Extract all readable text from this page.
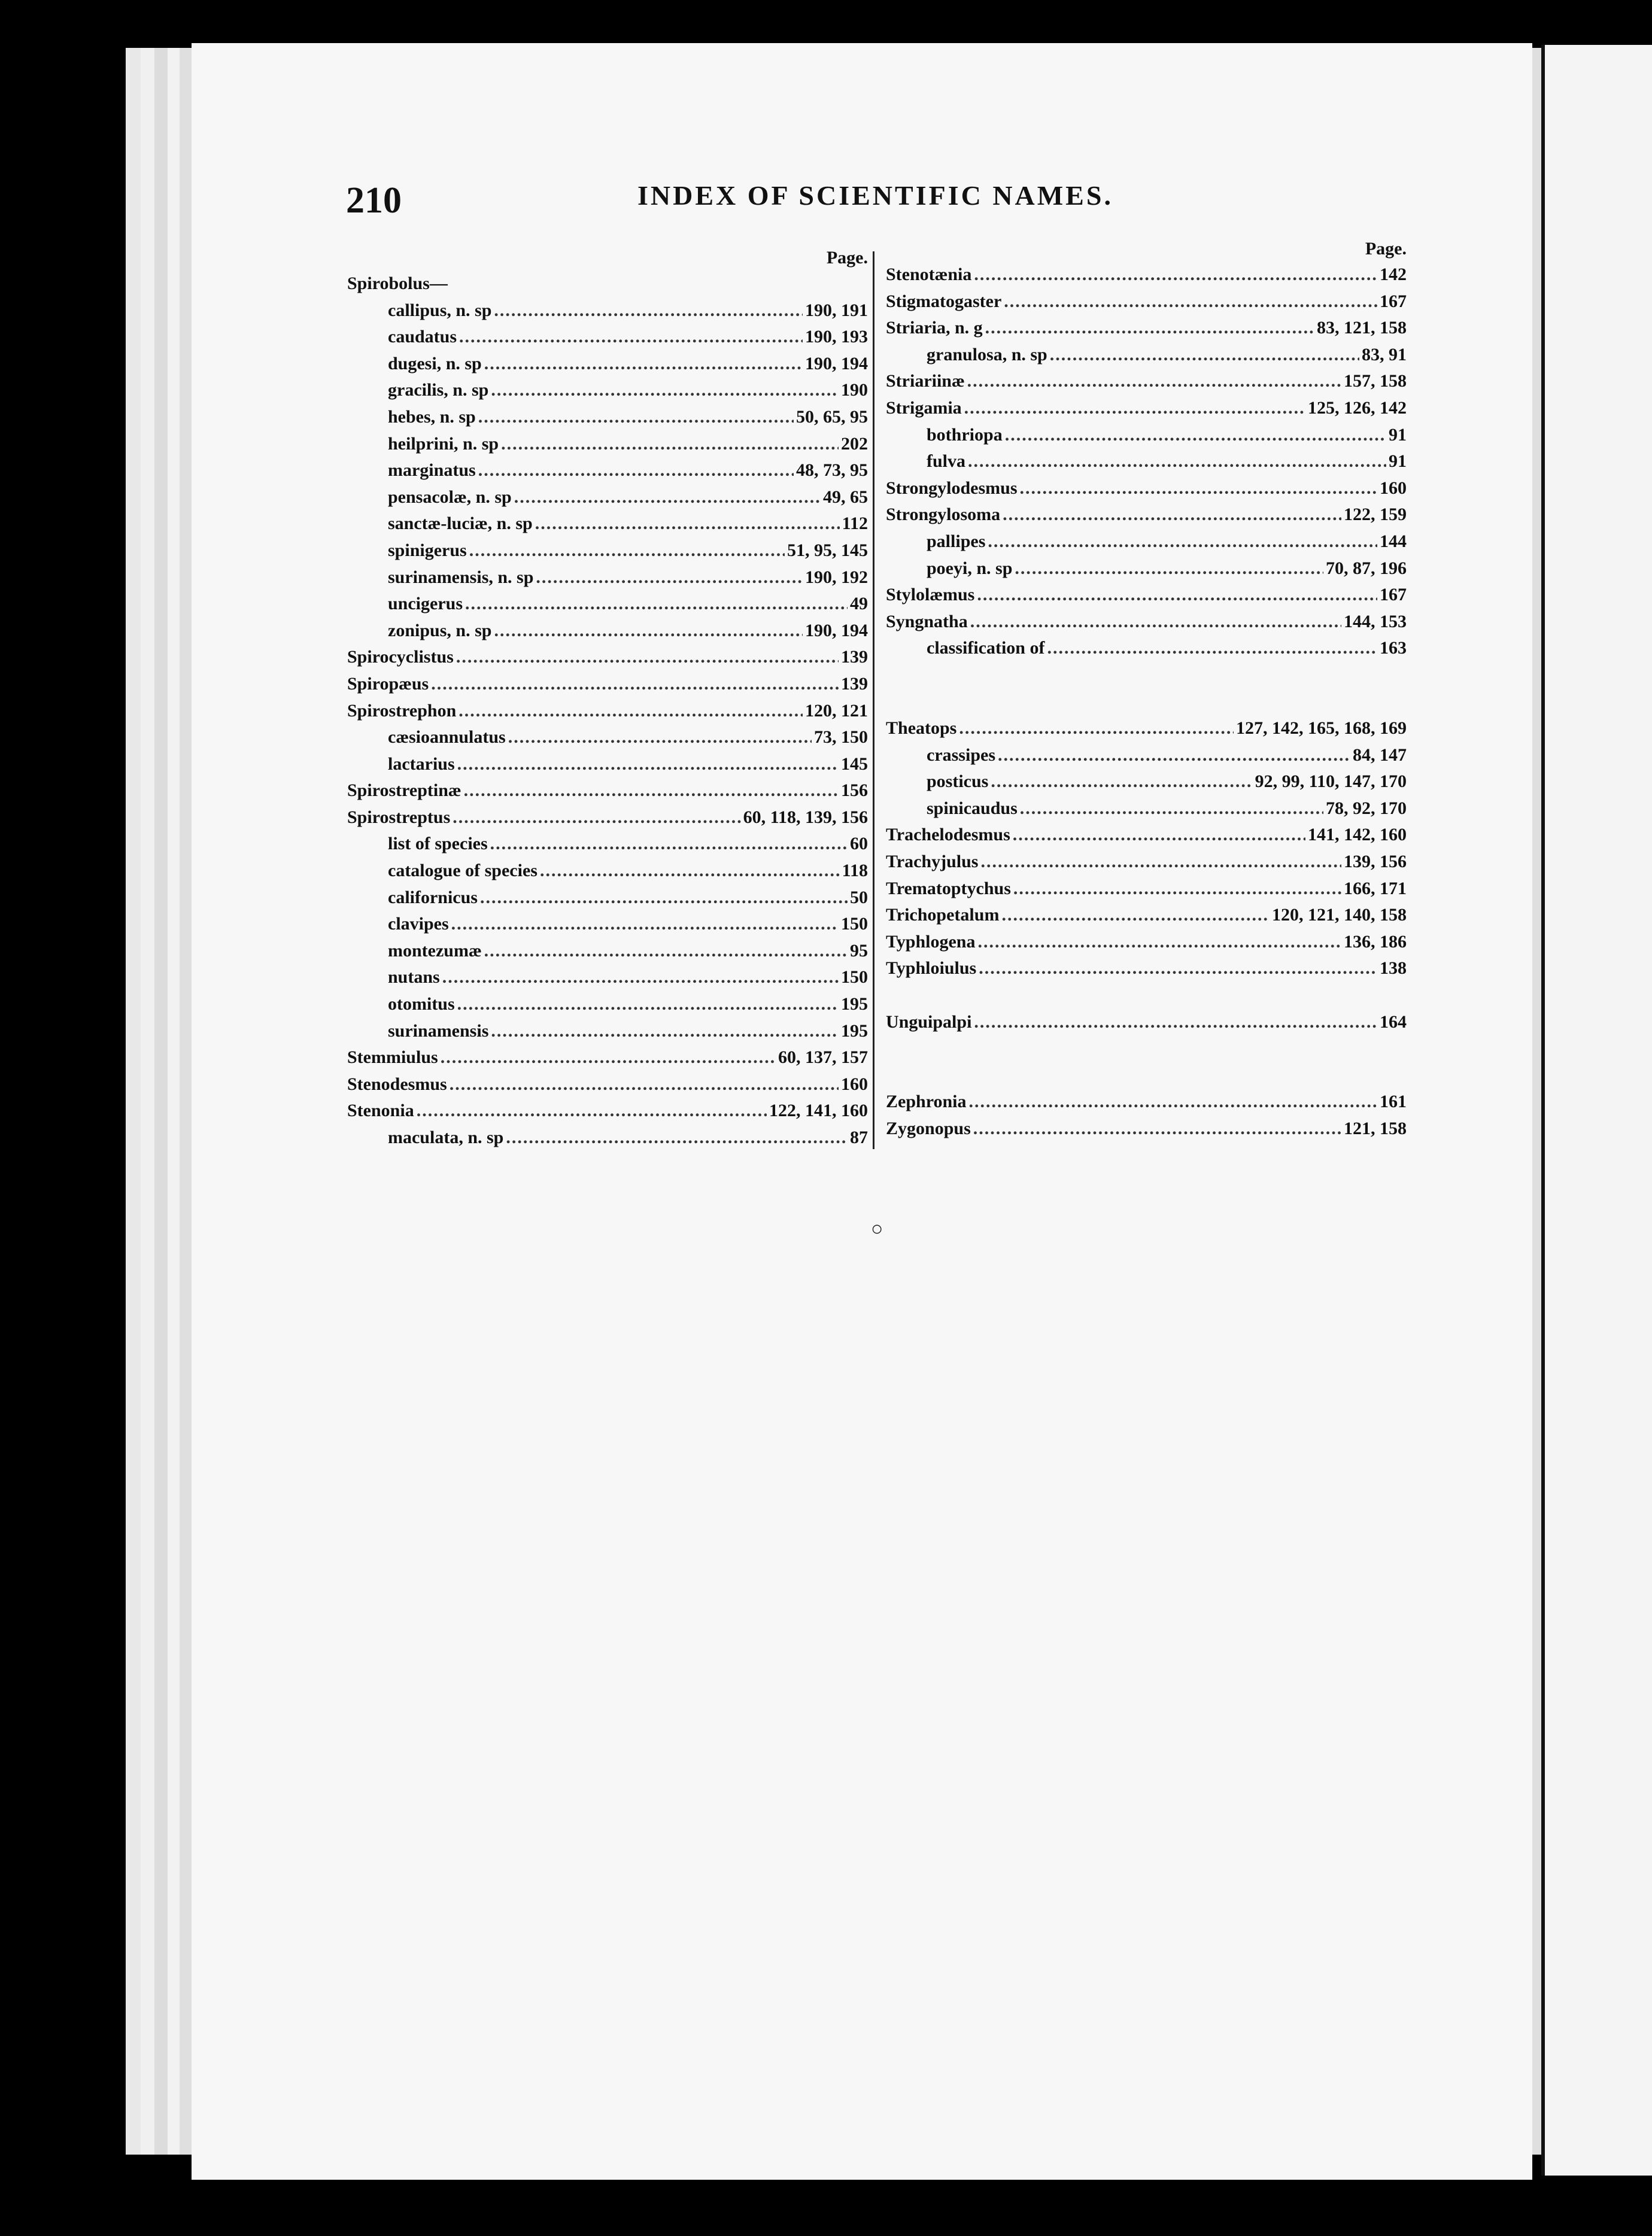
210	INDEX OF SCIENTIFIC NAMES.
Page.
Spirobolus—
callipus, n. sp .....	190, 191
caudatus .....	190, 193
dugesi, n. sp .....	190, 194
gracilis, n. sp .....	190
hebes, n. sp .....	50, 65, 95
heilprini, n. sp .....	202
marginatus .....	48, 73, 95
pensacolæ, n. sp .....	49, 65
sanctæ-luciæ, n. sp .....	112
spinigerus .....	51, 95, 145
surinamensis, n. sp .....	190, 192
uncigerus .....	49
zonipus, n. sp .....	190, 194
Spirocyclistus .....	139
Spiropæus .....	139
Spirostrephon .....	120, 121
cæsioannulatus .....	73, 150
lactarius .....	145
Spirostreptinæ .....	156
Spirostreptus .....	60, 118, 139, 156
list of species .....	60
catalogue of species .....	118
californicus .....	50
clavipes .....	150
montezumæ .....	95
nutans .....	150
otomitus .....	195
surinamensis .....	195
Stemmiulus .....	60, 137, 157
Stenodesmus .....	160
Stenonia .....	122, 141, 160
maculata, n. sp .....	87
Page.
Stenotænia .....	142
Stigmatogaster .....	167
Striaria, n. g .....	83, 121, 158
granulosa, n. sp .....	83, 91
Striariinæ .....	157, 158
Strigamia .....	125, 126, 142
bothriopa .....	91
fulva .....	91
Strongylodesmus .....	160
Strongylosoma .....	122, 159
pallipes .....	144
poeyi, n. sp .....	70, 87, 196
Stylolæmus .....	167
Syngnatha .....	144, 153
classification of .....	163
Theatops .....	127, 142, 165, 168, 169
crassipes .....	84, 147
posticus .....	92, 99, 110, 147, 170
spinicaudus .....	78, 92, 170
Trachelodesmus .....	141, 142, 160
Trachyjulus .....	139, 156
Trematoptychus .....	166, 171
Trichopetalum .....	120, 121, 140, 158
Typhlogena .....	136, 186
Typhloiulus .....	138
Unguipalpi .....	164
Zephronia .....	161
Zygonopus .....	121, 158
○
